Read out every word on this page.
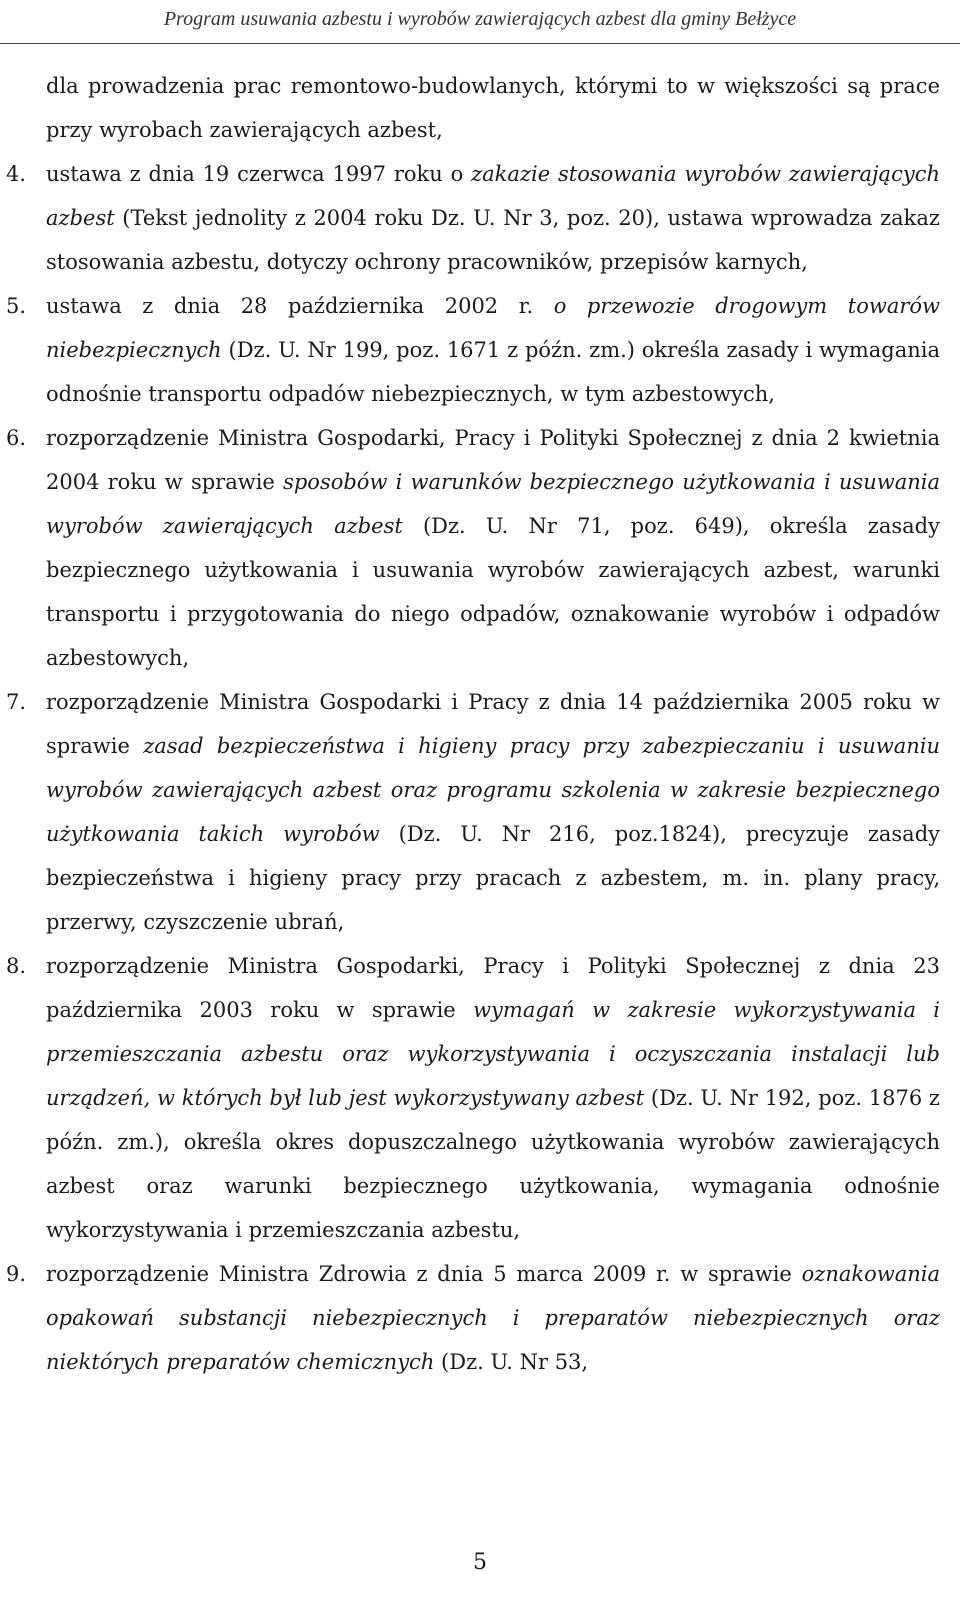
Program usuwania azbestu i wyrobów zawierających azbest dla gminy Bełżyce
dla prowadzenia prac remontowo-budowlanych, którymi to w większości są prace przy wyrobach zawierających azbest,
4. ustawa z dnia 19 czerwca 1997 roku o zakazie stosowania wyrobów zawierających azbest (Tekst jednolity z 2004 roku Dz. U. Nr 3, poz. 20), ustawa wprowadza zakaz stosowania azbestu, dotyczy ochrony pracowników, przepisów karnych,
5. ustawa z dnia 28 października 2002 r. o przewozie drogowym towarów niebezpiecznych (Dz. U. Nr 199, poz. 1671 z późn. zm.) określa zasady i wymagania odnośnie transportu odpadów niebezpiecznych, w tym azbestowych,
6. rozporządzenie Ministra Gospodarki, Pracy i Polityki Społecznej z dnia 2 kwietnia 2004 roku w sprawie sposobów i warunków bezpiecznego użytkowania i usuwania wyrobów zawierających azbest (Dz. U. Nr 71, poz. 649), określa zasady bezpiecznego użytkowania i usuwania wyrobów zawierających azbest, warunki transportu i przygotowania do niego odpadów, oznakowanie wyrobów i odpadów azbestowych,
7. rozporządzenie Ministra Gospodarki i Pracy z dnia 14 października 2005 roku w sprawie zasad bezpieczeństwa i higieny pracy przy zabezpieczaniu i usuwaniu wyrobów zawierających azbest oraz programu szkolenia w zakresie bezpiecznego użytkowania takich wyrobów (Dz. U. Nr 216, poz.1824), precyzuje zasady bezpieczeństwa i higieny pracy przy pracach z azbestem, m. in. plany pracy, przerwy, czyszczenie ubrań,
8. rozporządzenie Ministra Gospodarki, Pracy i Polityki Społecznej z dnia 23 października 2003 roku w sprawie wymagań w zakresie wykorzystywania i przemieszczania azbestu oraz wykorzystywania i oczyszczania instalacji lub urządzeń, w których był lub jest wykorzystywany azbest (Dz. U. Nr 192, poz. 1876 z późn. zm.), określa okres dopuszczalnego użytkowania wyrobów zawierających azbest oraz warunki bezpiecznego użytkowania, wymagania odnośnie wykorzystywania i przemieszczania azbestu,
9. rozporządzenie Ministra Zdrowia z dnia 5 marca 2009 r. w sprawie oznakowania opakowań substancji niebezpiecznych i preparatów niebezpiecznych oraz niektórych preparatów chemicznych (Dz. U. Nr 53,
5
